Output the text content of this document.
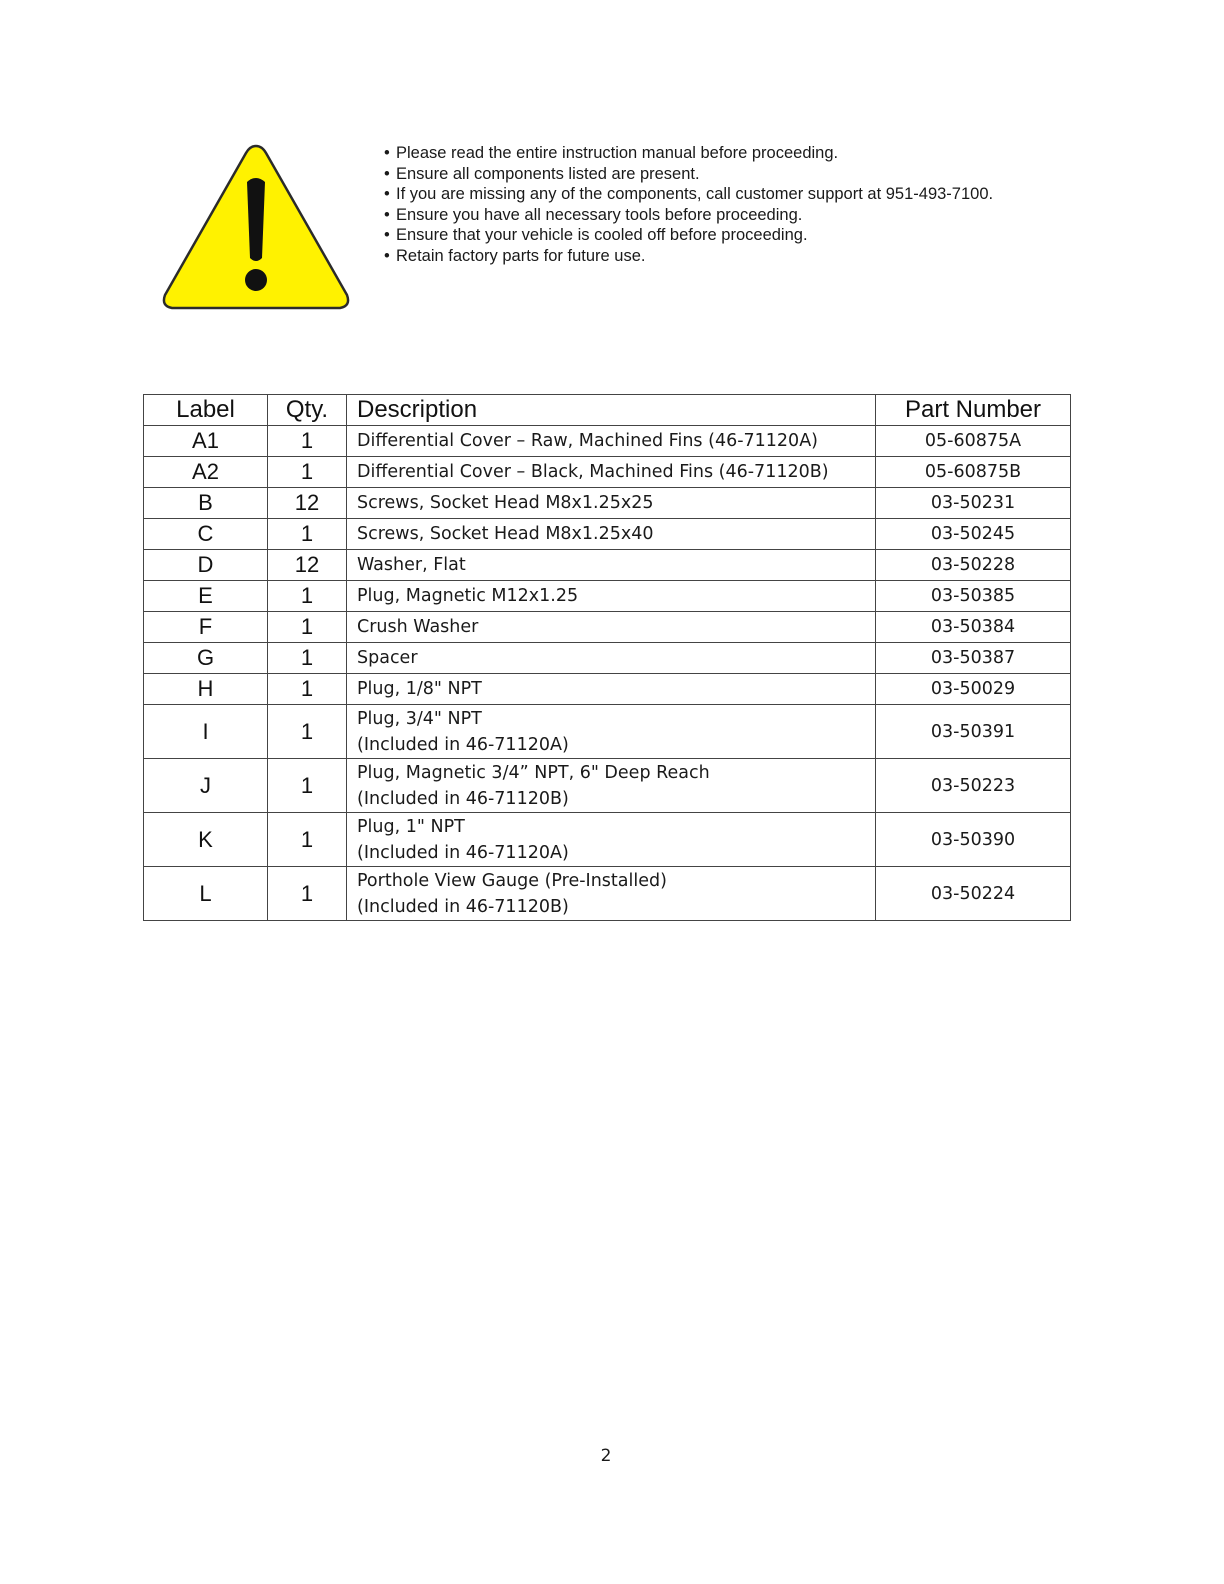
• Please read the entire instruction manual before proceeding.
• Ensure all components listed are present.
• If you are missing any of the components, call customer support at 951-493-7100.
• Ensure you have all necessary tools before proceeding.
• Ensure that your vehicle is cooled off before proceeding.
• Retain factory parts for future use.
Label	Qty.	Description	Part Number
A1	1	Differential Cover – Raw, Machined Fins (46-71120A)	05-60875A
A2	1	Differential Cover – Black, Machined Fins (46-71120B)	05-60875B
B	12	Screws, Socket Head M8x1.25x25	03-50231
C	1	Screws, Socket Head M8x1.25x40	03-50245
D	12	Washer, Flat	03-50228
E	1	Plug, Magnetic M12x1.25	03-50385
F	1	Crush Washer	03-50384
G	1	Spacer	03-50387
H	1	Plug, 1/8" NPT	03-50029
I	1	Plug, 3/4" NPT
(Included in 46-71120A)	03-50391
J	1	Plug, Magnetic 3/4” NPT, 6" Deep Reach
(Included in 46-71120B)	03-50223
K	1	Plug, 1" NPT
(Included in 46-71120A)	03-50390
L	1	Porthole View Gauge (Pre-Installed)
(Included in 46-71120B)	03-50224
2
